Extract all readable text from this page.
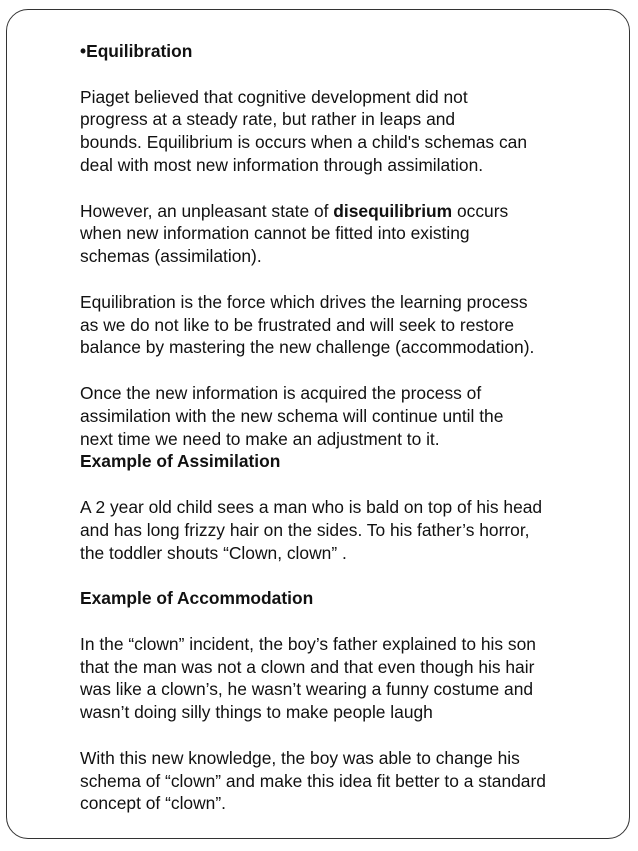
•Equilibration
Piaget believed that cognitive development did not
progress at a steady rate, but rather in leaps and
bounds. Equilibrium is occurs when a child's schemas can
deal with most new information through assimilation.
However, an unpleasant state of disequilibrium occurs
when new information cannot be fitted into existing
schemas (assimilation).
Equilibration is the force which drives the learning process
as we do not like to be frustrated and will seek to restore
balance by mastering the new challenge (accommodation).
Once the new information is acquired the process of
assimilation with the new schema will continue until the
next time we need to make an adjustment to it.
Example of Assimilation
A 2 year old child sees a man who is bald on top of his head
and has long frizzy hair on the sides. To his father’s horror,
the toddler shouts “Clown, clown” .
Example of Accommodation
In the “clown” incident, the boy’s father explained to his son
that the man was not a clown and that even though his hair
was like a clown’s, he wasn’t wearing a funny costume and
wasn’t doing silly things to make people laugh
With this new knowledge, the boy was able to change his
schema of “clown” and make this idea fit better to a standard
concept of “clown”.
